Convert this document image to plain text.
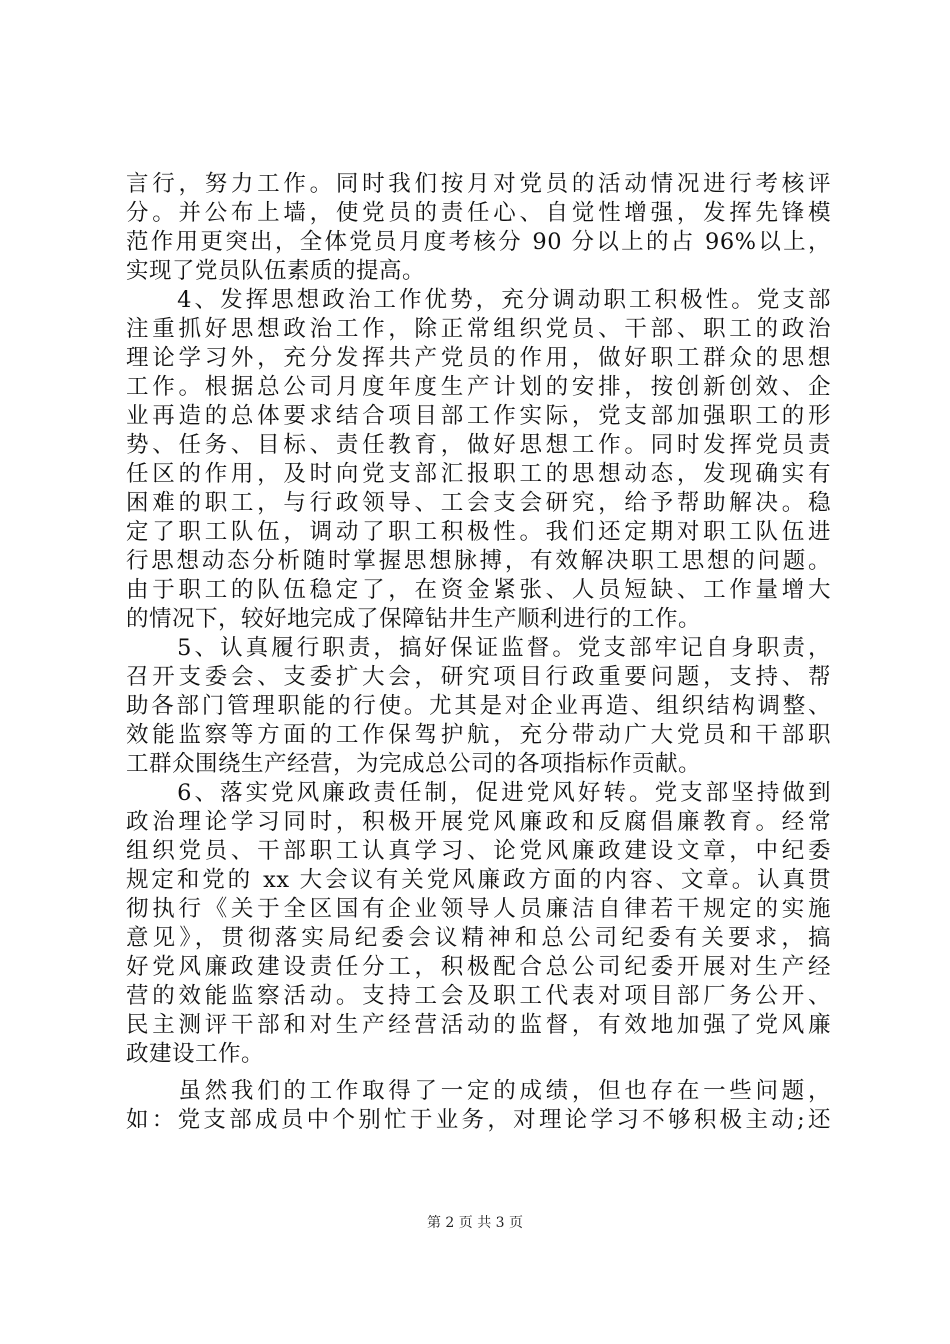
言行，努力工作。同时我们按月对党员的活动情况进行考核评
分。并公布上墙，使党员的责任心、自觉性增强，发挥先锋模
范作用更突出，全体党员月度考核分 90 分以上的占 96%以上，
实现了党员队伍素质的提高。
　　4、发挥思想政治工作优势，充分调动职工积极性。党支部
注重抓好思想政治工作，除正常组织党员、干部、职工的政治
理论学习外，充分发挥共产党员的作用，做好职工群众的思想
工作。根据总公司月度年度生产计划的安排，按创新创效、企
业再造的总体要求结合项目部工作实际，党支部加强职工的形
势、任务、目标、责任教育，做好思想工作。同时发挥党员责
任区的作用，及时向党支部汇报职工的思想动态，发现确实有
困难的职工，与行政领导、工会支会研究，给予帮助解决。稳
定了职工队伍，调动了职工积极性。我们还定期对职工队伍进
行思想动态分析随时掌握思想脉搏，有效解决职工思想的问题。
由于职工的队伍稳定了，在资金紧张、人员短缺、工作量增大
的情况下，较好地完成了保障钻井生产顺利进行的工作。
　　5、认真履行职责，搞好保证监督。党支部牢记自身职责，
召开支委会、支委扩大会，研究项目行政重要问题，支持、帮
助各部门管理职能的行使。尤其是对企业再造、组织结构调整、
效能监察等方面的工作保驾护航，充分带动广大党员和干部职
工群众围绕生产经营，为完成总公司的各项指标作贡献。
　　6、落实党风廉政责任制，促进党风好转。党支部坚持做到
政治理论学习同时，积极开展党风廉政和反腐倡廉教育。经常
组织党员、干部职工认真学习、论党风廉政建设文章，中纪委
规定和党的 xx 大会议有关党风廉政方面的内容、文章。认真贯
彻执行《关于全区国有企业领导人员廉洁自律若干规定的实施
意见》，贯彻落实局纪委会议精神和总公司纪委有关要求，搞
好党风廉政建设责任分工，积极配合总公司纪委开展对生产经
营的效能监察活动。支持工会及职工代表对项目部厂务公开、
民主测评干部和对生产经营活动的监督，有效地加强了党风廉
政建设工作。
　　虽然我们的工作取得了一定的成绩，但也存在一些问题，
如：党支部成员中个别忙于业务，对理论学习不够积极主动;还
第 2 页 共 3 页
